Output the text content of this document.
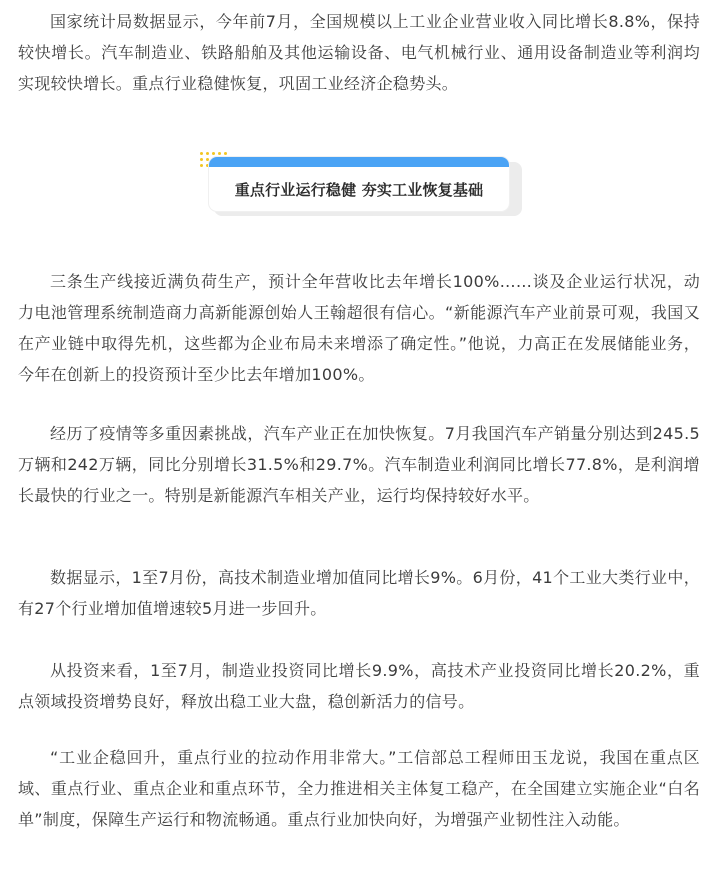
国家统计局数据显示，今年前7月，全国规模以上工业企业营业收入同比增长8.8%，保持较快增长。汽车制造业、铁路船舶及其他运输设备、电气机械行业、通用设备制造业等利润均实现较快增长。重点行业稳健恢复，巩固工业经济企稳势头。

重点行业运行稳健 夯实工业恢复基础

三条生产线接近满负荷生产，预计全年营收比去年增长100%……谈及企业运行状况，动力电池管理系统制造商力高新能源创始人王翰超很有信心。“新能源汽车产业前景可观，我国又在产业链中取得先机，这些都为企业布局未来增添了确定性。”他说，力高正在发展储能业务，今年在创新上的投资预计至少比去年增加100%。

经历了疫情等多重因素挑战，汽车产业正在加快恢复。7月我国汽车产销量分别达到245.5万辆和242万辆，同比分别增长31.5%和29.7%。汽车制造业利润同比增长77.8%，是利润增长最快的行业之一。特别是新能源汽车相关产业，运行均保持较好水平。

数据显示，1至7月份，高技术制造业增加值同比增长9%。6月份，41个工业大类行业中，有27个行业增加值增速较5月进一步回升。

从投资来看，1至7月，制造业投资同比增长9.9%，高技术产业投资同比增长20.2%，重点领域投资增势良好，释放出稳工业大盘，稳创新活力的信号。

“工业企稳回升，重点行业的拉动作用非常大。”工信部总工程师田玉龙说，我国在重点区域、重点行业、重点企业和重点环节，全力推进相关主体复工稳产，在全国建立实施企业“白名单”制度，保障生产运行和物流畅通。重点行业加快向好，为增强产业韧性注入动能。
